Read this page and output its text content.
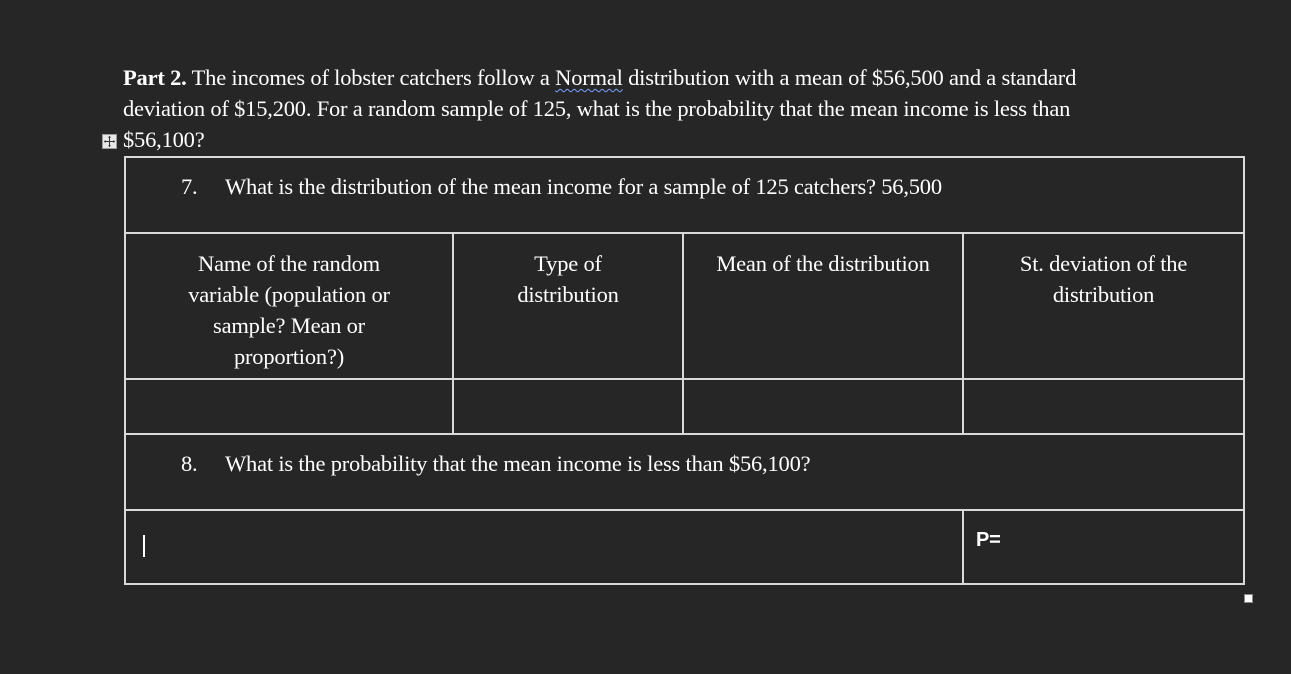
Part 2. The incomes of lobster catchers follow a Normal distribution with a mean of $56,500 and a standard
deviation of $15,200. For a random sample of 125, what is the probability that the mean income is less than
$56,100?
7. What is the distribution of the mean income for a sample of 125 catchers? 56,500			

Name of the random variable (population or sample? Mean or proportion?)	Type of distribution	Mean of the distribution	St. deviation of the distribution

8. What is the probability that the mean income is less than $56,100?			

			P=
